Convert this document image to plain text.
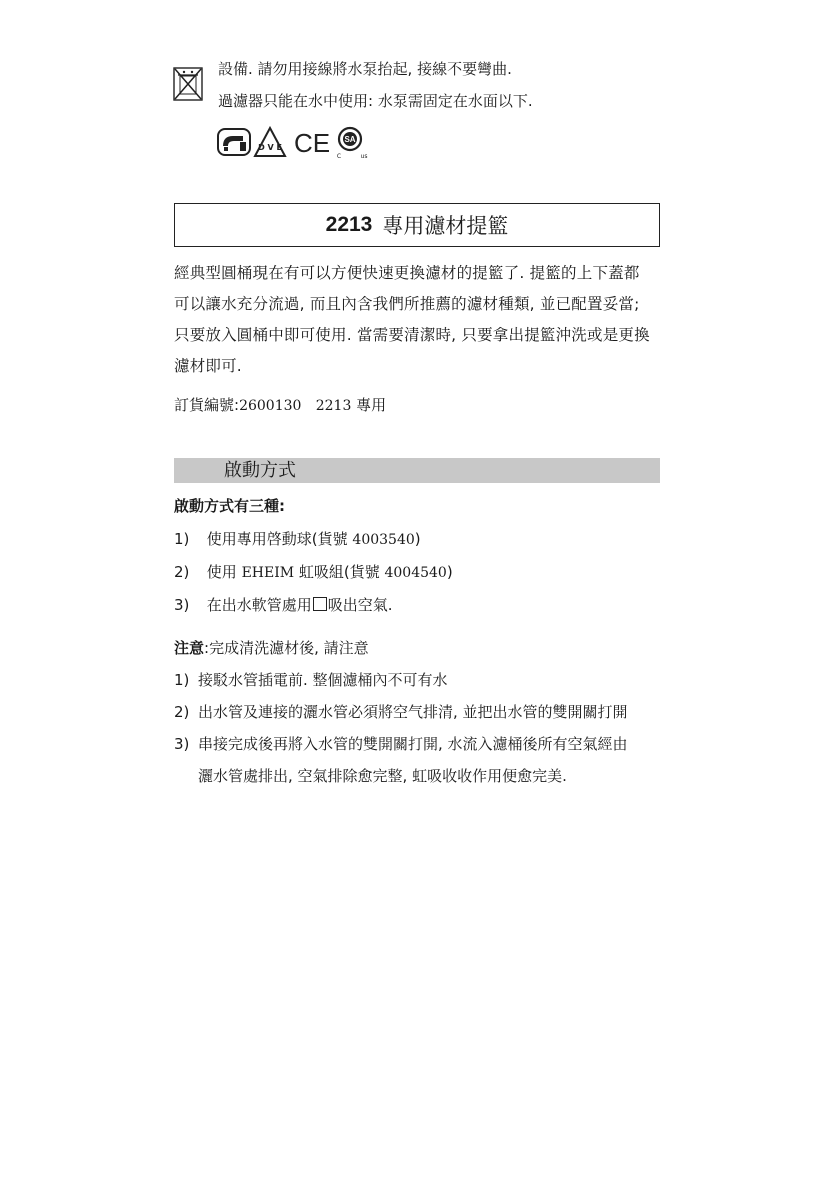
設備. 請勿用接線將水泵抬起, 接線不要彎曲.
過濾器只能在水中使用: 水泵需固定在水面以下.
D V E CE SA
C	us
2213 專用濾材提籃
經典型圓桶現在有可以方便快速更換濾材的提籃了. 提籃的上下蓋都
可以讓水充分流過, 而且內含我們所推薦的濾材種類, 並已配置妥當;
只要放入圓桶中即可使用. 當需要清潔時, 只要拿出提籃沖洗或是更換
濾材即可.
訂貨編號:2600130 2213 專用
啟動方式
啟動方式有三種:
1) 使用專用啓動球(貨號 4003540)
2) 使用 EHEIM 虹吸組(貨號 4004540)
3) 在出水軟管處用 吸出空氣.
注意:完成清洗濾材後, 請注意
1) 接駁水管插電前. 整個濾桶內不可有水
2) 出水管及連接的灑水管必須將空气排清, 並把出水管的雙開關打開
3) 串接完成後再將入水管的雙開關打開, 水流入濾桶後所有空氣經由
灑水管處排出, 空氣排除愈完整, 虹吸收收作用便愈完美.
